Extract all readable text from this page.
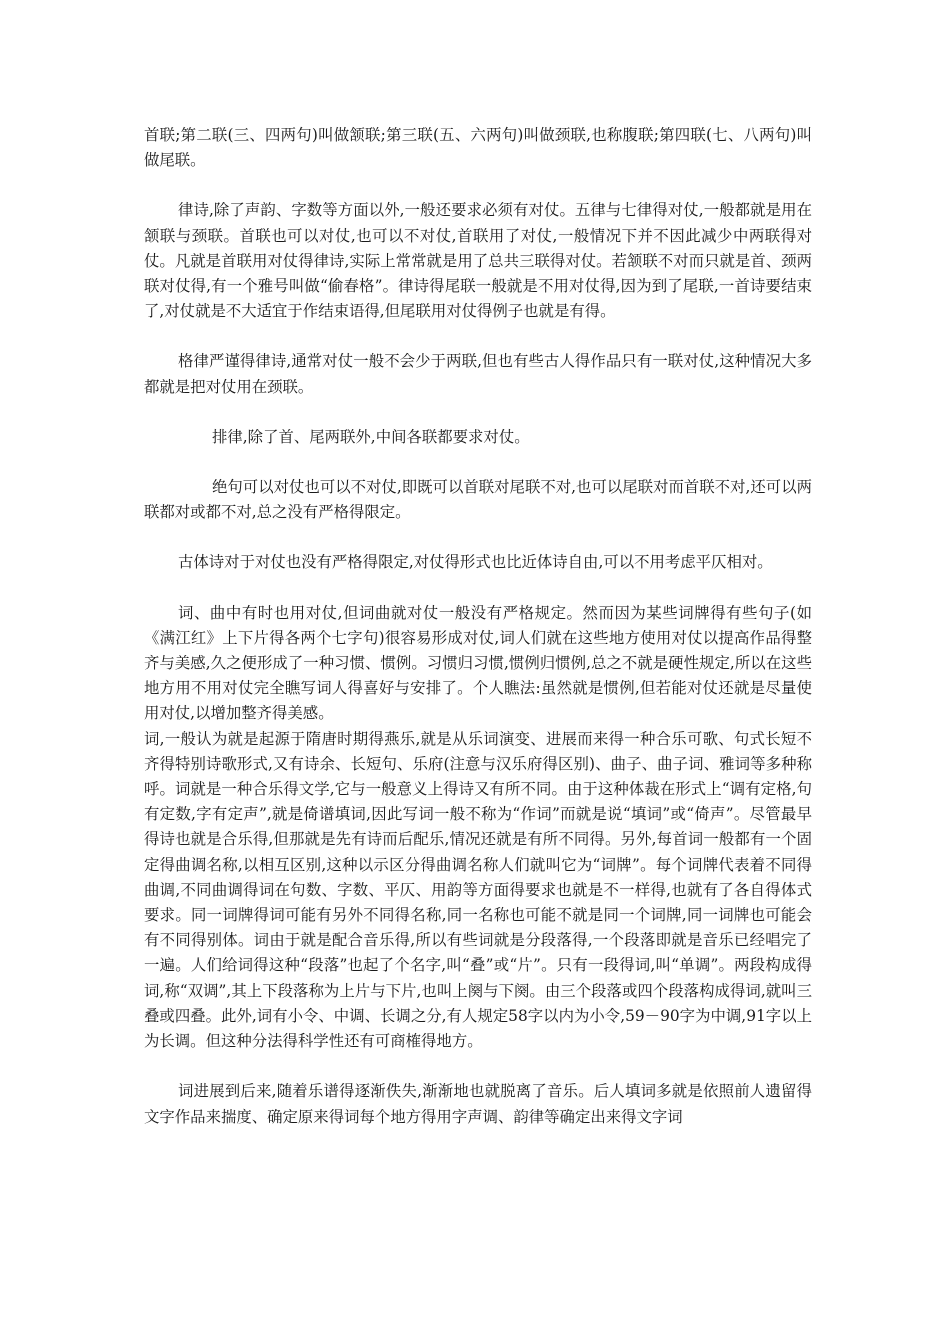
首联;第二联(三、四两句)叫做颔联;第三联(五、六两句)叫做颈联,也称腹联;第四联(七、八两句)叫做尾联。

律诗,除了声韵、字数等方面以外,一般还要求必须有对仗。五律与七律得对仗,一般都就是用在颔联与颈联。首联也可以对仗,也可以不对仗,首联用了对仗,一般情况下并不因此减少中两联得对仗。凡就是首联用对仗得律诗,实际上常常就是用了总共三联得对仗。若颔联不对而只就是首、颈两联对仗得,有一个雅号叫做“偷春格”。律诗得尾联一般就是不用对仗得,因为到了尾联,一首诗要结束了,对仗就是不大适宜于作结束语得,但尾联用对仗得例子也就是有得。

格律严谨得律诗,通常对仗一般不会少于两联,但也有些古人得作品只有一联对仗,这种情况大多都就是把对仗用在颈联。

排律,除了首、尾两联外,中间各联都要求对仗。

绝句可以对仗也可以不对仗,即既可以首联对尾联不对,也可以尾联对而首联不对,还可以两联都对或都不对,总之没有严格得限定。

古体诗对于对仗也没有严格得限定,对仗得形式也比近体诗自由,可以不用考虑平仄相对。

词、曲中有时也用对仗,但词曲就对仗一般没有严格规定。然而因为某些词牌得有些句子(如《满江红》上下片得各两个七字句)很容易形成对仗,词人们就在这些地方使用对仗以提高作品得整齐与美感,久之便形成了一种习惯、惯例。习惯归习惯,惯例归惯例,总之不就是硬性规定,所以在这些地方用不用对仗完全瞧写词人得喜好与安排了。个人瞧法:虽然就是惯例,但若能对仗还就是尽量使用对仗,以增加整齐得美感。

词,一般认为就是起源于隋唐时期得燕乐,就是从乐词演变、进展而来得一种合乐可歌、句式长短不齐得特别诗歌形式,又有诗余、长短句、乐府(注意与汉乐府得区别)、曲子、曲子词、雅词等多种称呼。词就是一种合乐得文学,它与一般意义上得诗又有所不同。由于这种体裁在形式上“调有定格,句有定数,字有定声”,就是倚谱填词,因此写词一般不称为“作词”而就是说“填词”或“倚声”。尽管最早得诗也就是合乐得,但那就是先有诗而后配乐,情况还就是有所不同得。另外,每首词一般都有一个固定得曲调名称,以相互区别,这种以示区分得曲调名称人们就叫它为“词牌”。每个词牌代表着不同得曲调,不同曲调得词在句数、字数、平仄、用韵等方面得要求也就是不一样得,也就有了各自得体式要求。同一词牌得词可能有另外不同得名称,同一名称也可能不就是同一个词牌,同一词牌也可能会有不同得别体。词由于就是配合音乐得,所以有些词就是分段落得,一个段落即就是音乐已经唱完了一遍。人们给词得这种“段落”也起了个名字,叫“叠”或“片”。只有一段得词,叫“单调”。两段构成得词,称“双调”,其上下段落称为上片与下片,也叫上阕与下阕。由三个段落或四个段落构成得词,就叫三叠或四叠。此外,词有小令、中调、长调之分,有人规定58字以内为小令,59－90字为中调,91字以上为长调。但这种分法得科学性还有可商榷得地方。

词进展到后来,随着乐谱得逐渐佚失,渐渐地也就脱离了音乐。后人填词多就是依照前人遗留得文字作品来揣度、确定原来得词每个地方得用字声调、韵律等确定出来得文字词
